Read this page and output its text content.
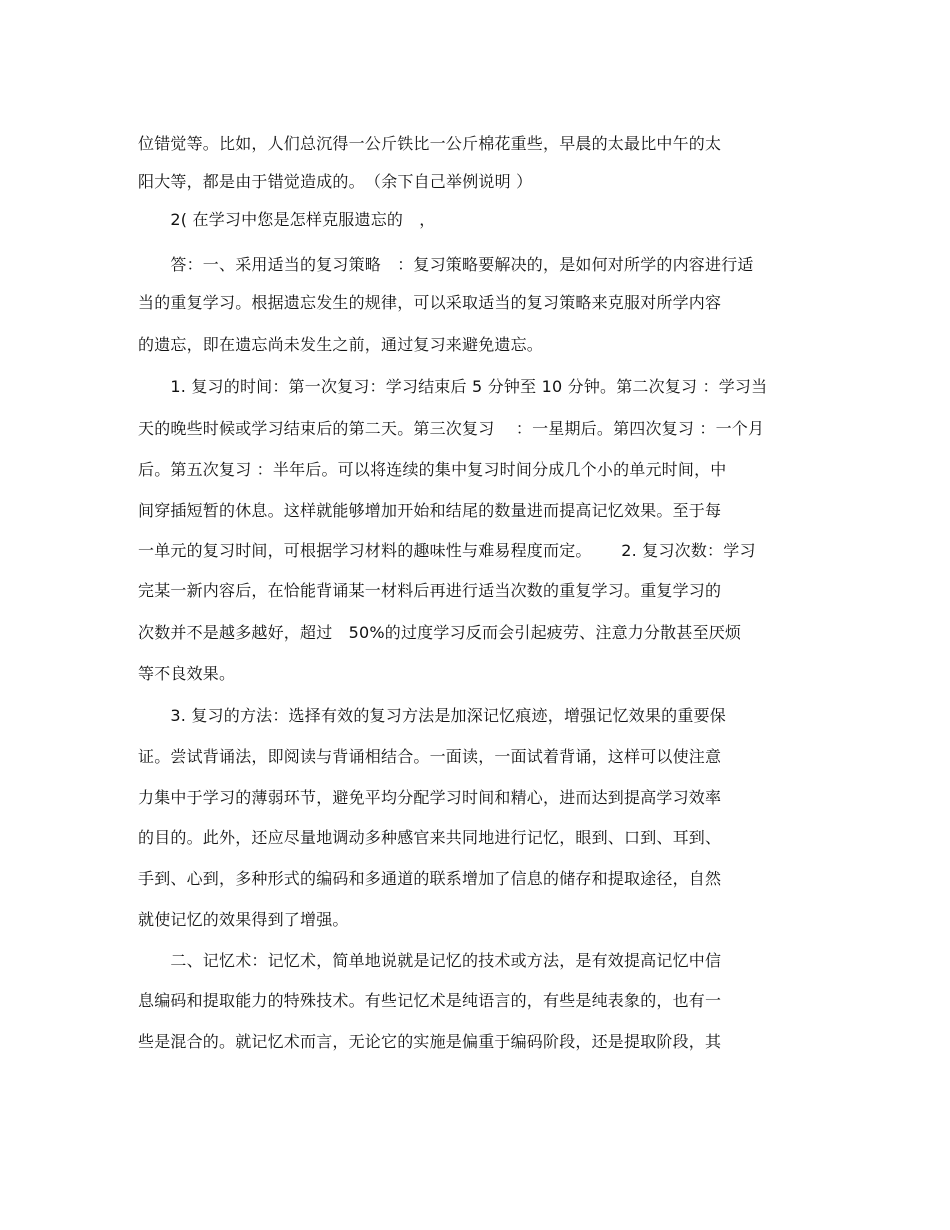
位错觉等。比如，人们总沉得一公斤铁比一公斤棉花重些，早晨的太最比中午的太
阳大等，都是由于错觉造成的。　（余下自己举例说明 ）
　　2( 在学习中您是怎样克服遗忘的　，
　　答：一、采用适当的复习策略　：复习策略要解决的，是如何对所学的内容进行适
当的重复学习。根据遗忘发生的规律，可以采取适当的复习策略来克服对所学内容
的遗忘，即在遗忘尚未发生之前，通过复习来避免遗忘。
　　1. 复习的时间：第一次复习：学习结束后 5 分钟至 10 分钟。第二次复习 ：学习当
天的晚些时候或学习结束后的第二天。第三次复习　 ：一星期后。第四次复习 ：一个月
后。第五次复习 ：半年后。可以将连续的集中复习时间分成几个小的单元时间，中
间穿插短暂的休息。这样就能够增加开始和结尾的数量进而提高记忆效果。至于每
一单元的复习时间，可根据学习材料的趣味性与难易程度而定。　　 2. 复习次数：学习
完某一新内容后，在恰能背诵某一材料后再进行适当次数的重复学习。重复学习的
次数并不是越多越好，超过　50%的过度学习反而会引起疲劳、注意力分散甚至厌烦
等不良效果。
　　3. 复习的方法：选择有效的复习方法是加深记忆痕迹，增强记忆效果的重要保
证。尝试背诵法，即阅读与背诵相结合。一面读，一面试着背诵，这样可以使注意
力集中于学习的薄弱环节，避免平均分配学习时间和精心，进而达到提高学习效率
的目的。此外，还应尽量地调动多种感官来共同地进行记忆，眼到、口到、耳到、
手到、心到，多种形式的编码和多通道的联系增加了信息的储存和提取途径，自然
就使记忆的效果得到了增强。
　　二、记忆术：记忆术，简单地说就是记忆的技术或方法，是有效提高记忆中信
息编码和提取能力的特殊技术。有些记忆术是纯语言的，有些是纯表象的，也有一
些是混合的。就记忆术而言，无论它的实施是偏重于编码阶段，还是提取阶段，其
